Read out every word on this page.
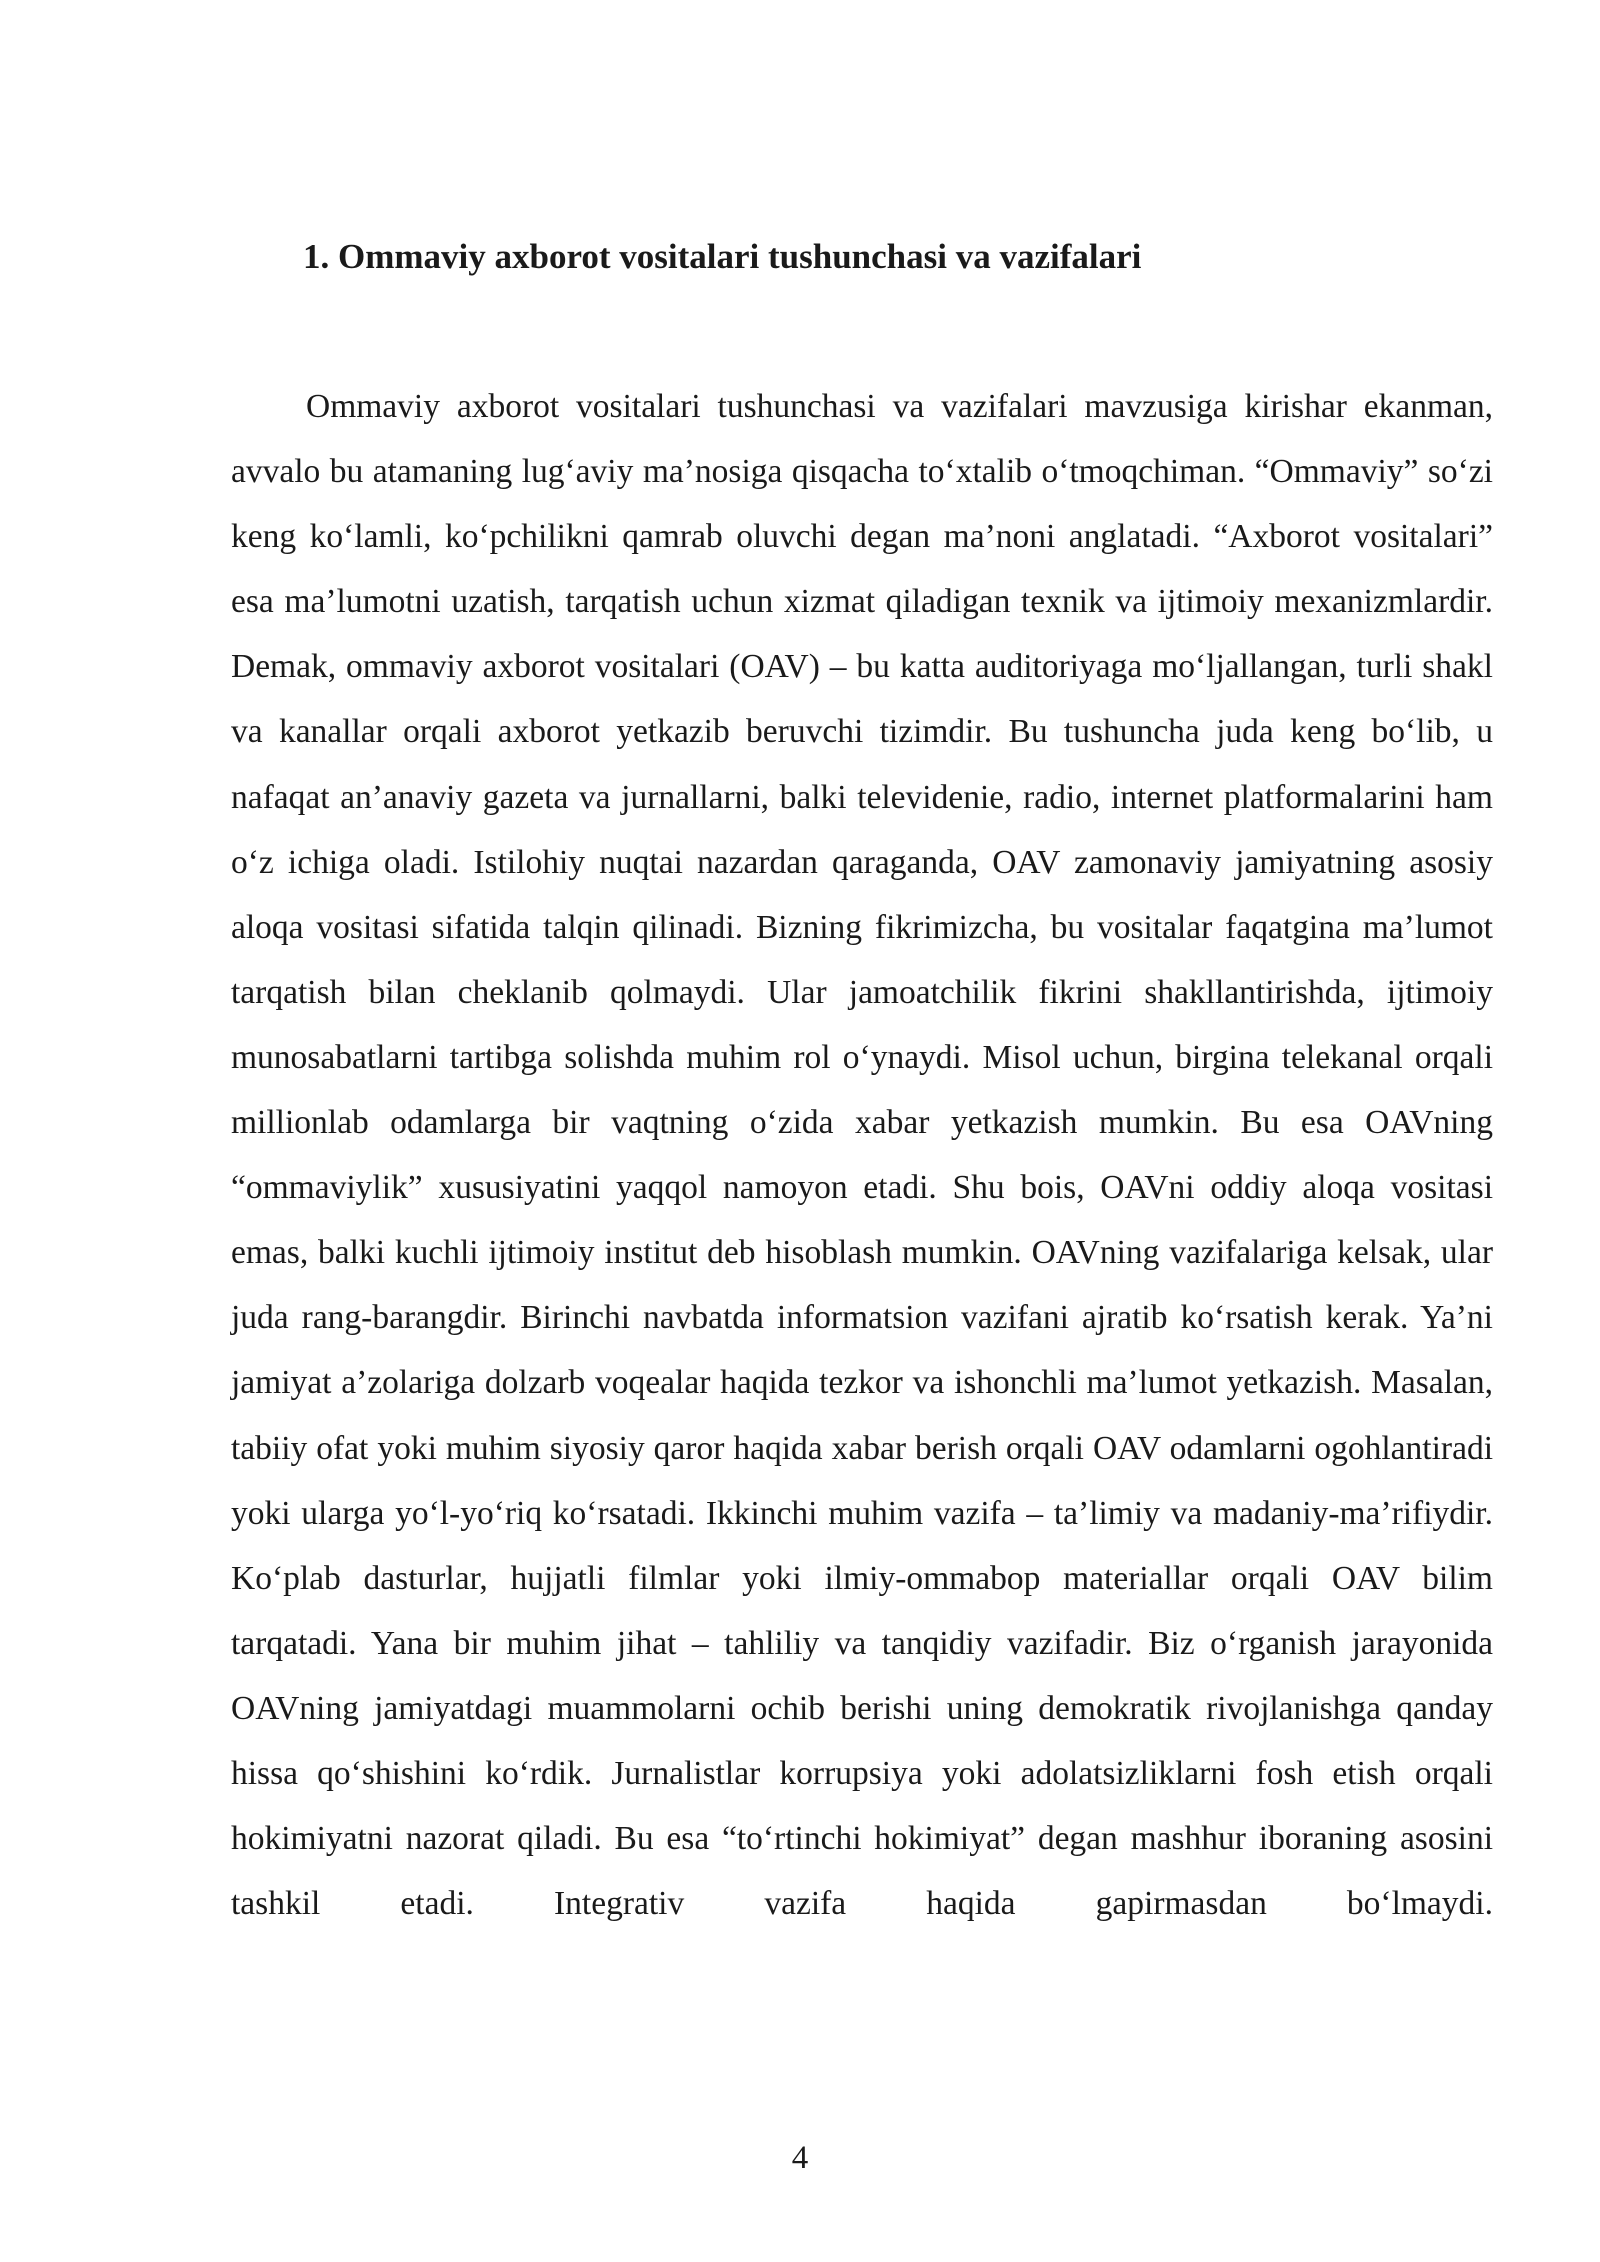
1. Ommaviy axborot vositalari tushunchasi va vazifalari

Ommaviy axborot vositalari tushunchasi va vazifalari mavzusiga kirishar ekanman, avvalo bu atamaning lug‘aviy ma’nosiga qisqacha to‘xtalib o‘tmoqchiman. “Ommaviy” so‘zi keng ko‘lamli, ko‘pchilikni qamrab oluvchi degan ma’noni anglatadi. “Axborot vositalari” esa ma’lumotni uzatish, tarqatish uchun xizmat qiladigan texnik va ijtimoiy mexanizmlardir. Demak, ommaviy axborot vositalari (OAV) – bu katta auditoriyaga mo‘ljallangan, turli shakl va kanallar orqali axborot yetkazib beruvchi tizimdir. Bu tushuncha juda keng bo‘lib, u nafaqat an’anaviy gazeta va jurnallarni, balki televidenie, radio, internet platformalarini ham o‘z ichiga oladi. Istilohiy nuqtai nazardan qaraganda, OAV zamonaviy jamiyatning asosiy aloqa vositasi sifatida talqin qilinadi. Bizning fikrimizcha, bu vositalar faqatgina ma’lumot tarqatish bilan cheklanib qolmaydi. Ular jamoatchilik fikrini shakllantirishda, ijtimoiy munosabatlarni tartibga solishda muhim rol o‘ynaydi. Misol uchun, birgina telekanal orqali millionlab odamlarga bir vaqtning o‘zida xabar yetkazish mumkin. Bu esa OAVning “ommaviylik” xususiyatini yaqqol namoyon etadi. Shu bois, OAVni oddiy aloqa vositasi emas, balki kuchli ijtimoiy institut deb hisoblash mumkin. OAVning vazifalariga kelsak, ular juda rang-barangdir. Birinchi navbatda informatsion vazifani ajratib ko‘rsatish kerak. Ya’ni jamiyat a’zolariga dolzarb voqealar haqida tezkor va ishonchli ma’lumot yetkazish. Masalan, tabiiy ofat yoki muhim siyosiy qaror haqida xabar berish orqali OAV odamlarni ogohlantiradi yoki ularga yo‘l-yo‘riq ko‘rsatadi. Ikkinchi muhim vazifa – ta’limiy va madaniy-ma’rifiydir. Ko‘plab dasturlar, hujjatli filmlar yoki ilmiy-ommabop materiallar orqali OAV bilim tarqatadi. Yana bir muhim jihat – tahliliy va tanqidiy vazifadir. Biz o‘rganish jarayonida OAVning jamiyatdagi muammolarni ochib berishi uning demokratik rivojlanishga qanday hissa qo‘shishini ko‘rdik. Jurnalistlar korrupsiya yoki adolatsizliklarni fosh etish orqali hokimiyatni nazorat qiladi. Bu esa “to‘rtinchi hokimiyat” degan mashhur iboraning asosini tashkil etadi. Integrativ vazifa haqida gapirmasdan bo‘lmaydi.

4
